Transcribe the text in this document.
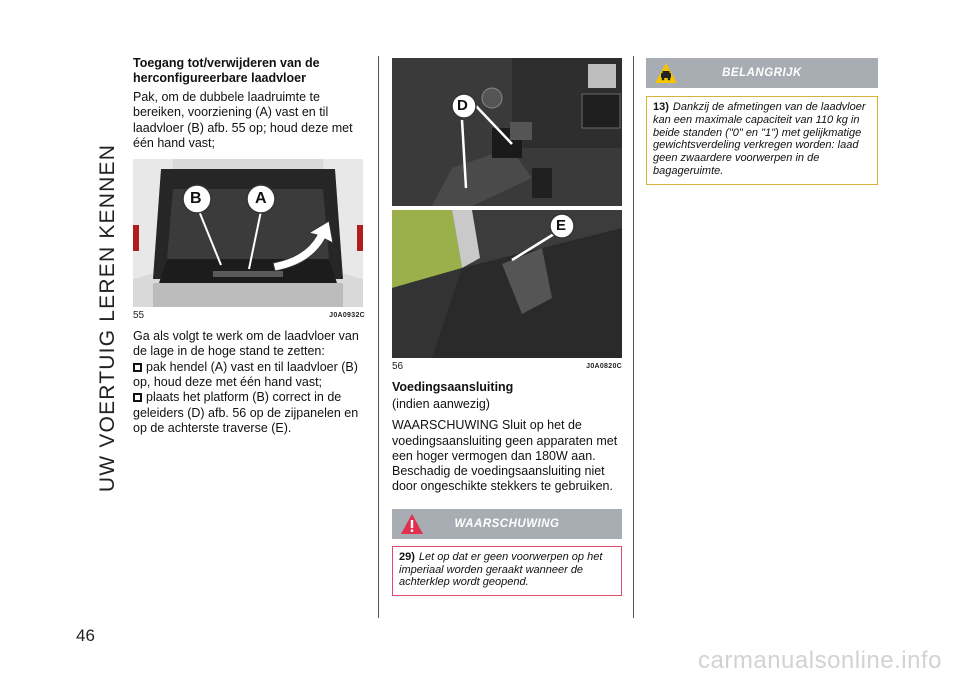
UW VOERTUIG LEREN KENNEN
46
Toegang tot/verwijderen van de herconfigureerbare laadvloer

Pak, om de dubbele laadruimte te bereiken, voorziening (A) vast en til laadvloer (B) afb. 55 op; houd deze met één hand vast;

B	A
55	J0A0932C

Ga als volgt te werk om de laadvloer van de lage in de hoge stand te zetten:

pak hendel (A) vast en til laadvloer (B) op, houd deze met één hand vast;

plaats het platform (B) correct in de geleiders (D) afb. 56 op de zijpanelen en op de achterste traverse (E).

D
E
56	J0A0820C
Voedingsaansluiting

(indien aanwezig)

WAARSCHUWING Sluit op het de voedingsaansluiting geen apparaten met een hoger vermogen dan 180W aan. Beschadig de voedingsaansluiting niet door ongeschikte stekkers te gebruiken.

WAARSCHUWING
29) Let op dat er geen voorwerpen op het imperiaal worden geraakt wanneer de achterklep wordt geopend.
BELANGRIJK
13) Dankzij de afmetingen van de laadvloer kan een maximale capaciteit van 110 kg in beide standen ("0" en "1") met gelijkmatige gewichtsverdeling verkregen worden: laad geen zwaardere voorwerpen in de bagageruimte.
carmanualsonline.info
